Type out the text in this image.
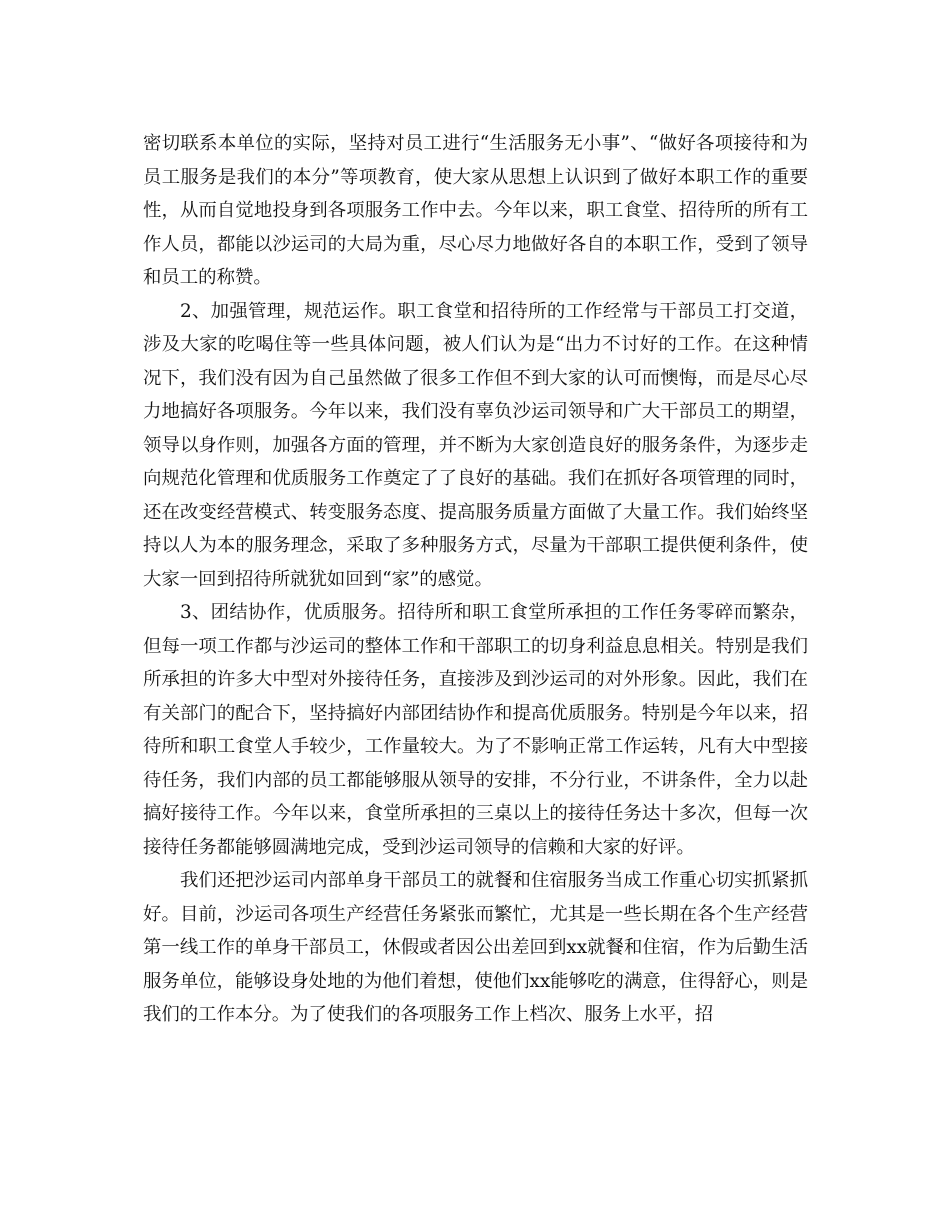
密切联系本单位的实际，坚持对员工进行“生活服务无小事”、“做好各项接待和为员工服务是我们的本分”等项教育，使大家从思想上认识到了做好本职工作的重要性，从而自觉地投身到各项服务工作中去。今年以来，职工食堂、招待所的所有工作人员，都能以沙运司的大局为重，尽心尽力地做好各自的本职工作，受到了领导和员工的称赞。

2、加强管理，规范运作。职工食堂和招待所的工作经常与干部员工打交道，涉及大家的吃喝住等一些具体问题，被人们认为是“出力不讨好的工作。在这种情况下，我们没有因为自己虽然做了很多工作但不到大家的认可而懊悔，而是尽心尽力地搞好各项服务。今年以来，我们没有辜负沙运司领导和广大干部员工的期望，领导以身作则，加强各方面的管理，并不断为大家创造良好的服务条件，为逐步走向规范化管理和优质服务工作奠定了了良好的基础。我们在抓好各项管理的同时，还在改变经营模式、转变服务态度、提高服务质量方面做了大量工作。我们始终坚持以人为本的服务理念，采取了多种服务方式，尽量为干部职工提供便利条件，使大家一回到招待所就犹如回到“家”的感觉。

3、团结协作，优质服务。招待所和职工食堂所承担的工作任务零碎而繁杂，但每一项工作都与沙运司的整体工作和干部职工的切身利益息息相关。特别是我们所承担的许多大中型对外接待任务，直接涉及到沙运司的对外形象。因此，我们在有关部门的配合下，坚持搞好内部团结协作和提高优质服务。特别是今年以来，招待所和职工食堂人手较少，工作量较大。为了不影响正常工作运转，凡有大中型接待任务，我们内部的员工都能够服从领导的安排，不分行业，不讲条件，全力以赴搞好接待工作。今年以来，食堂所承担的三桌以上的接待任务达十多次，但每一次接待任务都能够圆满地完成，受到沙运司领导的信赖和大家的好评。

我们还把沙运司内部单身干部员工的就餐和住宿服务当成工作重心切实抓紧抓好。目前，沙运司各项生产经营任务紧张而繁忙，尤其是一些长期在各个生产经营第一线工作的单身干部员工，休假或者因公出差回到xx就餐和住宿，作为后勤生活服务单位，能够设身处地的为他们着想，使他们xx能够吃的满意，住得舒心，则是我们的工作本分。为了使我们的各项服务工作上档次、服务上水平，招
